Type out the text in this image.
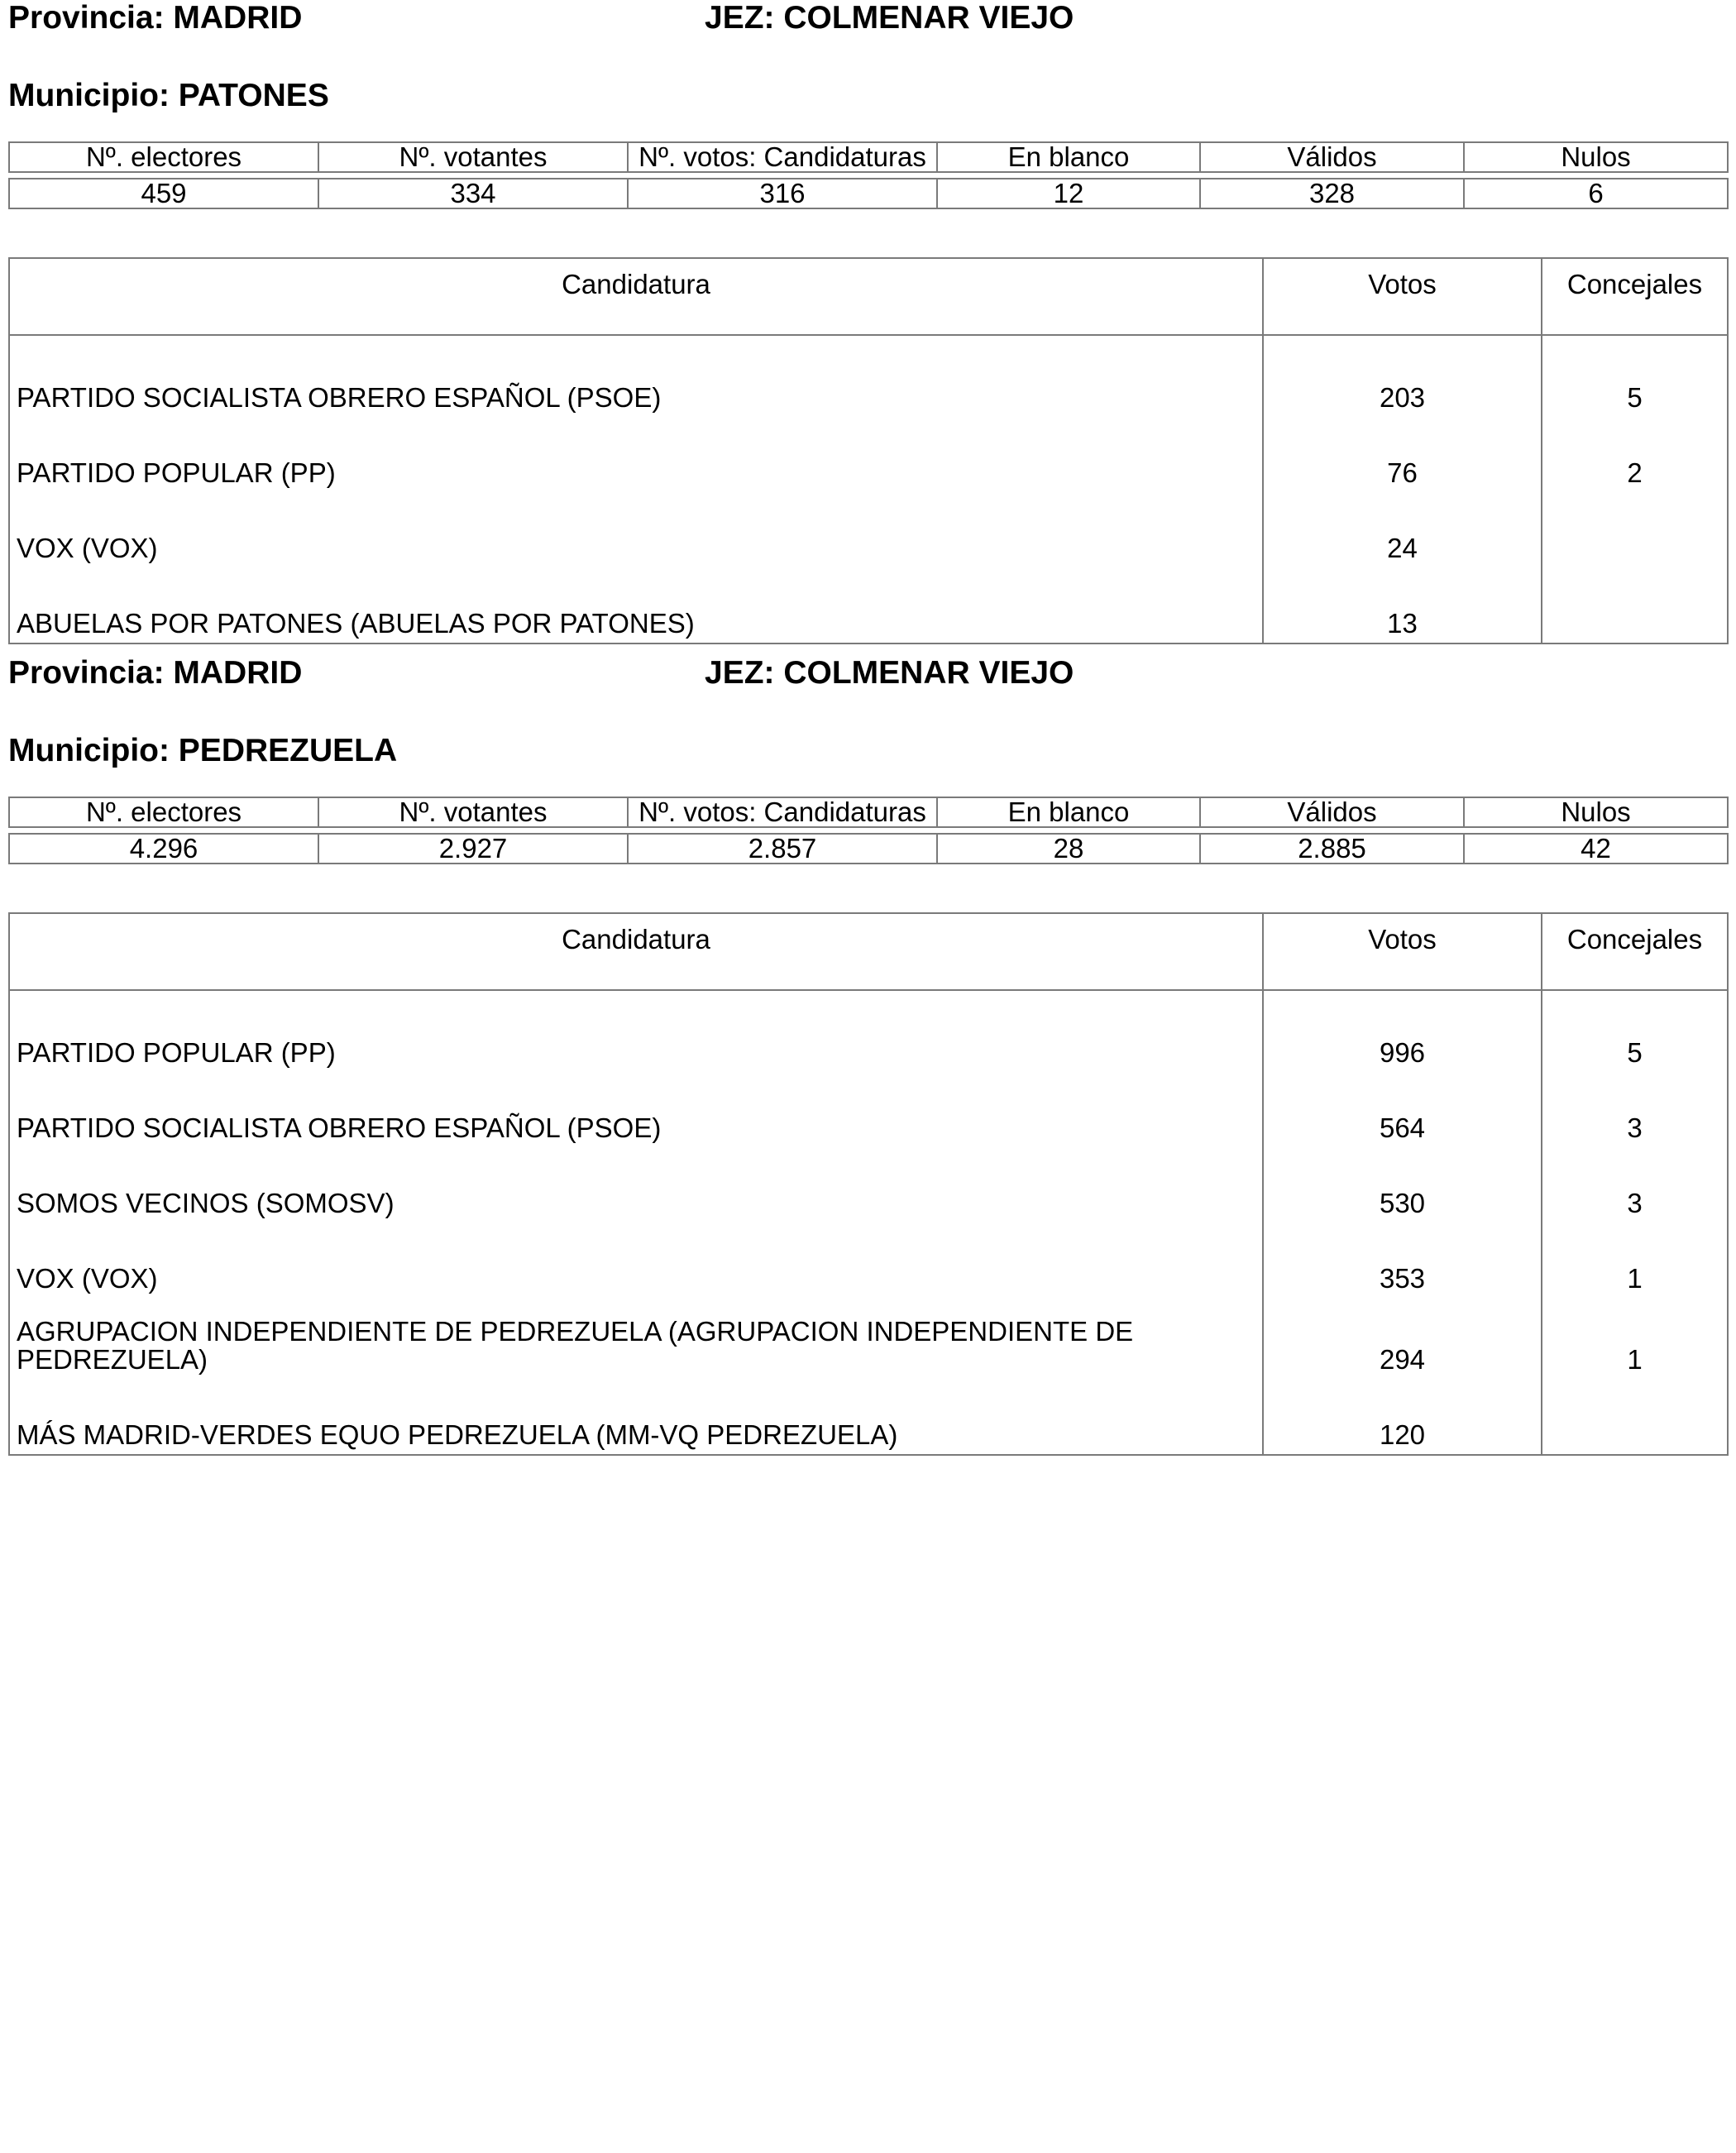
Provincia: MADRID	JEZ: COLMENAR VIEJO
Municipio: PATONES
Nº. electores	Nº. votantes	Nº. votos: Candidaturas	En blanco	Válidos	Nulos

459	334	316	12	328	6
Candidatura	Votos	Concejales
PARTIDO SOCIALISTA OBRERO ESPAÑOL (PSOE)	203	5
PARTIDO POPULAR (PP)	76	2
VOX (VOX)	24	
ABUELAS POR PATONES (ABUELAS POR PATONES)	13	
Provincia: MADRID	JEZ: COLMENAR VIEJO
Municipio: PEDREZUELA
Nº. electores	Nº. votantes	Nº. votos: Candidaturas	En blanco	Válidos	Nulos

4.296	2.927	2.857	28	2.885	42
Candidatura	Votos	Concejales
PARTIDO POPULAR (PP)	996	5
PARTIDO SOCIALISTA OBRERO ESPAÑOL (PSOE)	564	3
SOMOS VECINOS (SOMOSV)	530	3
VOX (VOX)	353	1
AGRUPACION INDEPENDIENTE DE PEDREZUELA (AGRUPACION INDEPENDIENTE DE PEDREZUELA)	294	1
MÁS MADRID-VERDES EQUO PEDREZUELA (MM-VQ PEDREZUELA)	120	
